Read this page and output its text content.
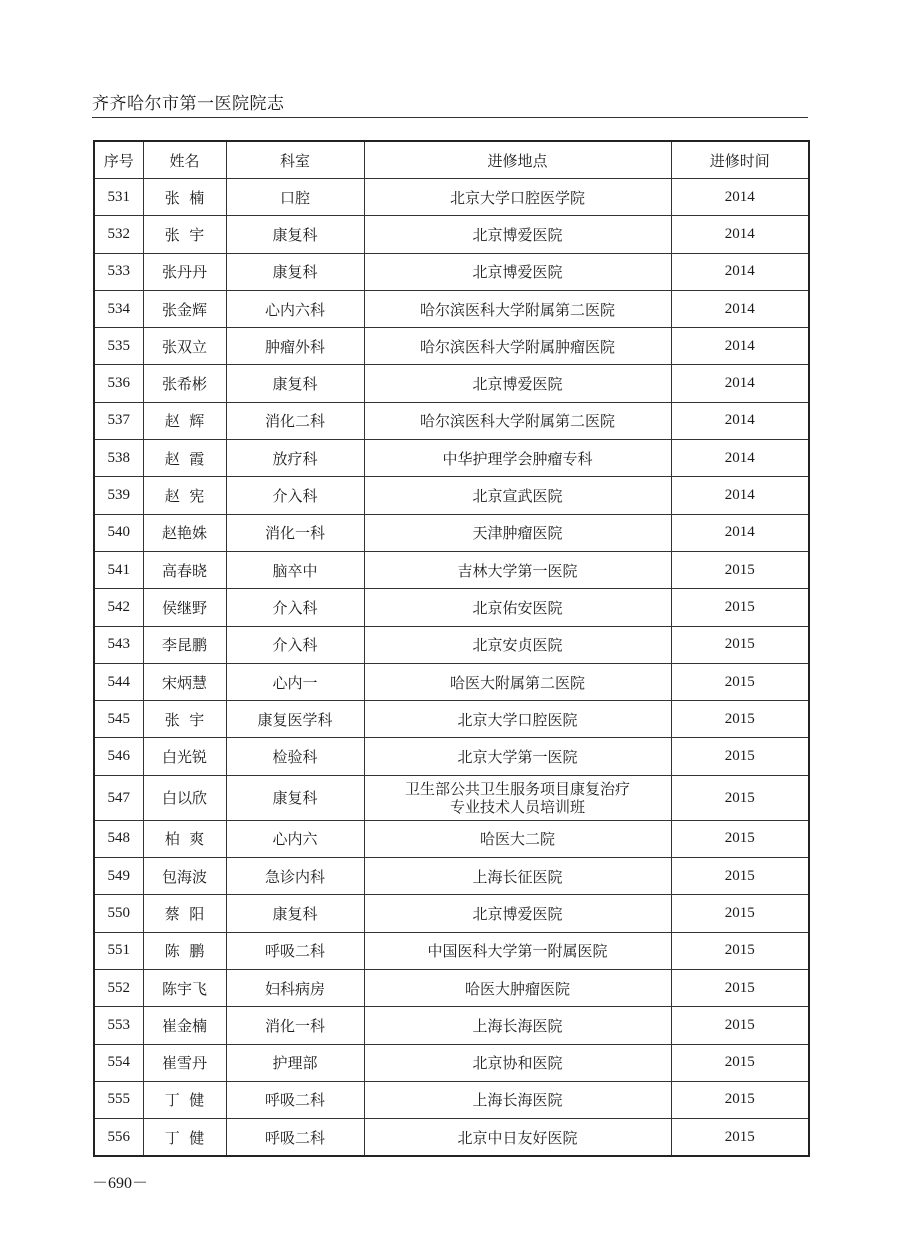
齐齐哈尔市第一医院院志
序号	姓名	科室	进修地点	进修时间
531	张  楠	口腔	北京大学口腔医学院	2014
532	张  宇	康复科	北京博爱医院	2014
533	张丹丹	康复科	北京博爱医院	2014
534	张金辉	心内六科	哈尔滨医科大学附属第二医院	2014
535	张双立	肿瘤外科	哈尔滨医科大学附属肿瘤医院	2014
536	张希彬	康复科	北京博爱医院	2014
537	赵  辉	消化二科	哈尔滨医科大学附属第二医院	2014
538	赵  霞	放疗科	中华护理学会肿瘤专科	2014
539	赵  宪	介入科	北京宣武医院	2014
540	赵艳姝	消化一科	天津肿瘤医院	2014
541	高春晓	脑卒中	吉林大学第一医院	2015
542	侯继野	介入科	北京佑安医院	2015
543	李昆鹏	介入科	北京安贞医院	2015
544	宋炳慧	心内一	哈医大附属第二医院	2015
545	张  宇	康复医学科	北京大学口腔医院	2015
546	白光锐	检验科	北京大学第一医院	2015
547	白以欣	康复科	卫生部公共卫生服务项目康复治疗
专业技术人员培训班	2015
548	柏  爽	心内六	哈医大二院	2015
549	包海波	急诊内科	上海长征医院	2015
550	蔡  阳	康复科	北京博爱医院	2015
551	陈  鹏	呼吸二科	中国医科大学第一附属医院	2015
552	陈宇飞	妇科病房	哈医大肿瘤医院	2015
553	崔金楠	消化一科	上海长海医院	2015
554	崔雪丹	护理部	北京协和医院	2015
555	丁  健	呼吸二科	上海长海医院	2015
556	丁  健	呼吸二科	北京中日友好医院	2015
－690－
